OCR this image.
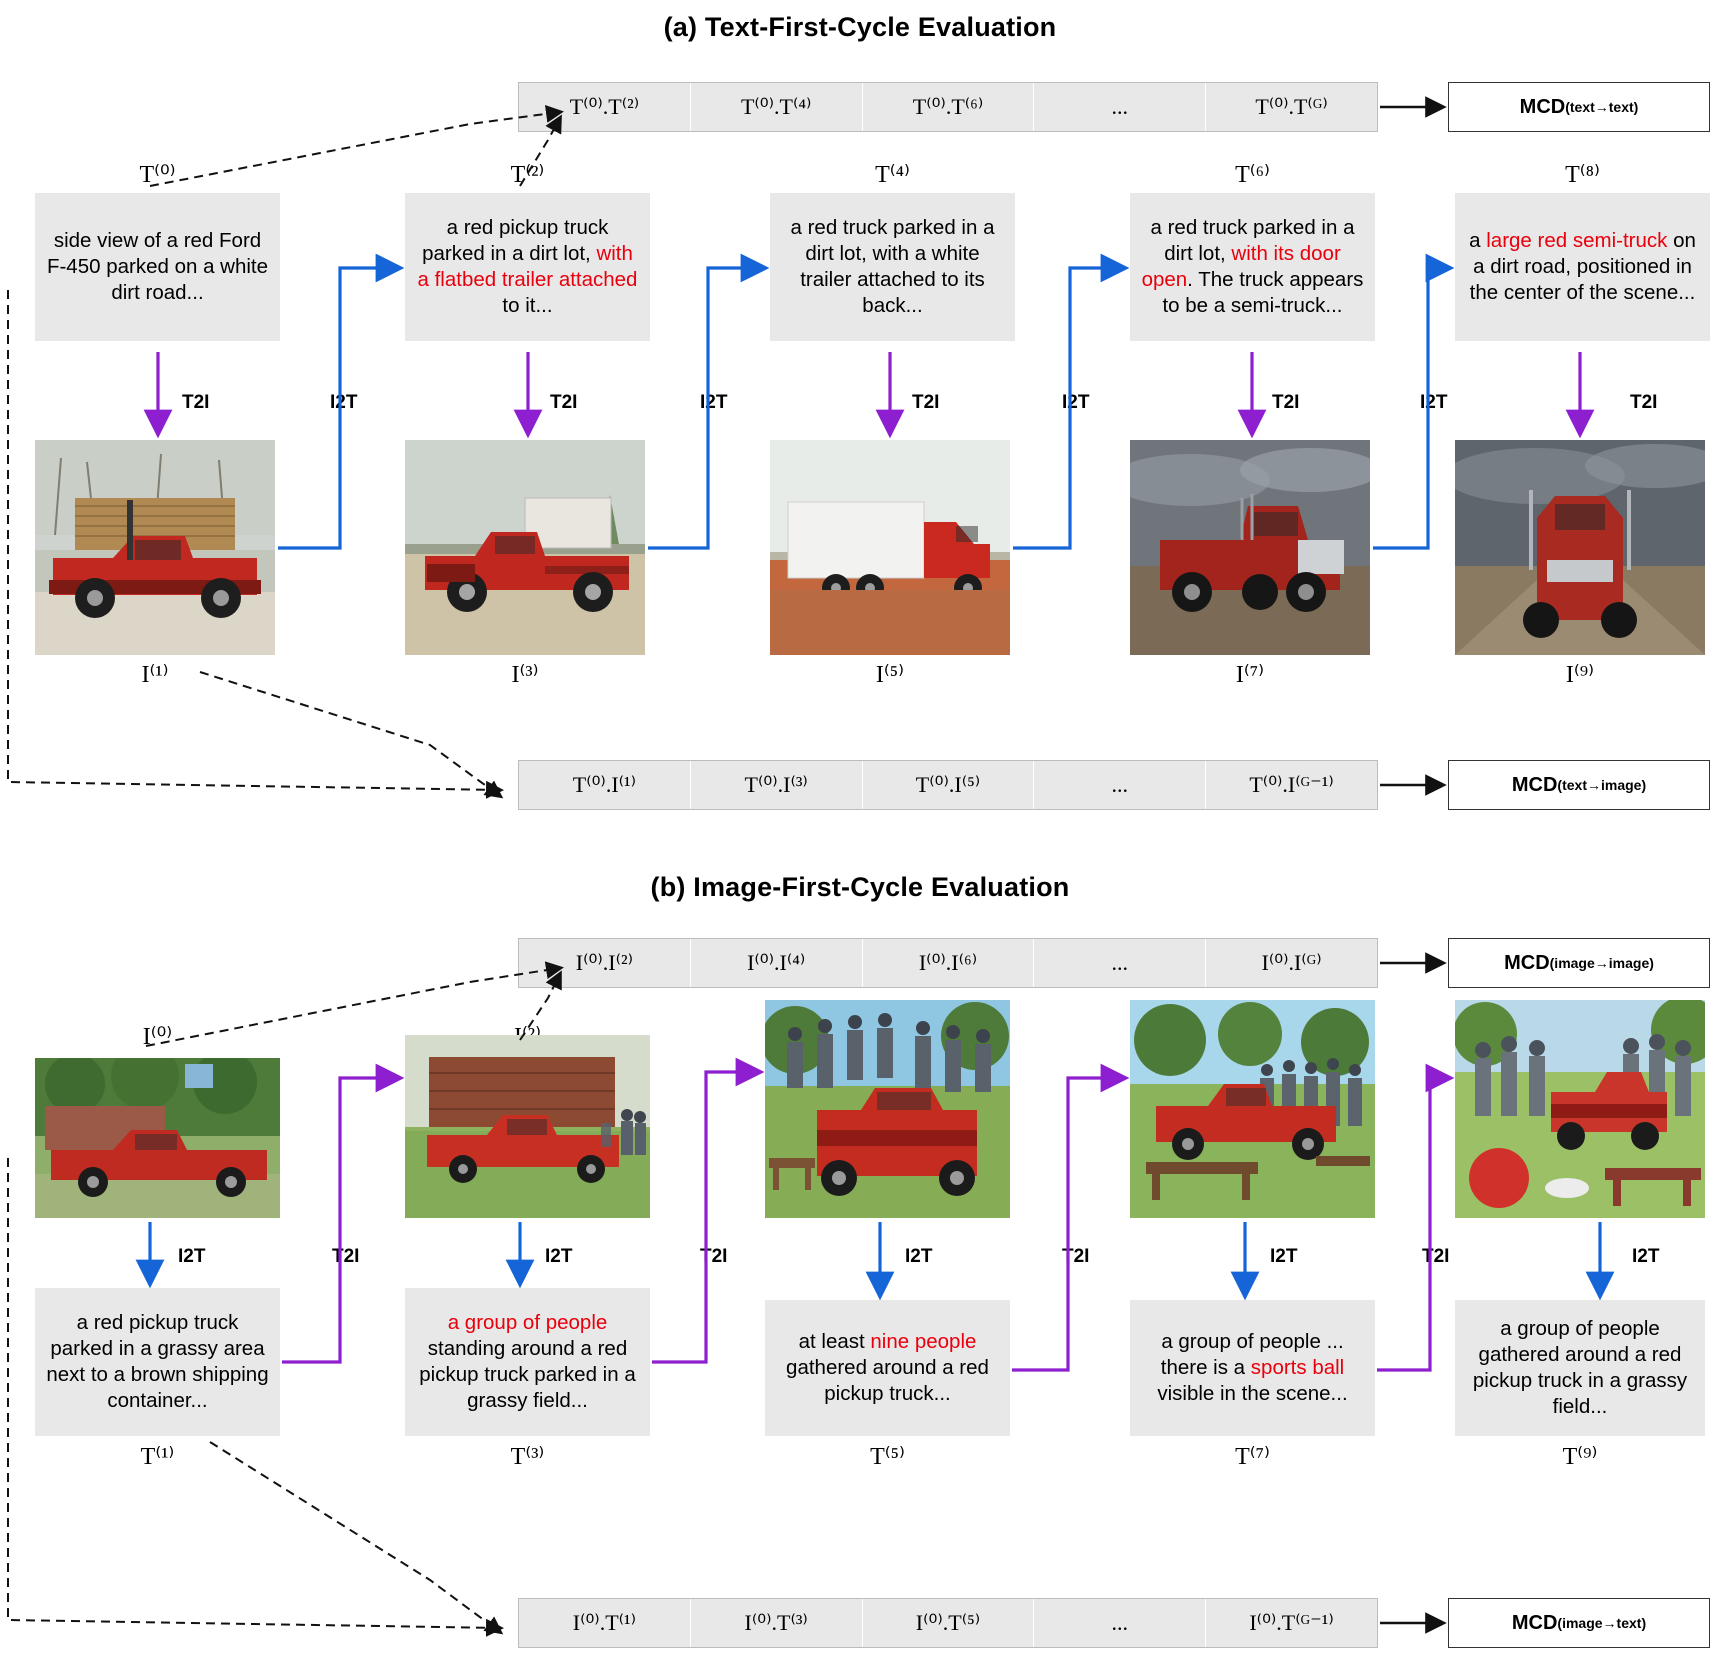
(a) Text-First-Cycle Evaluation
T⁽⁰⁾.T⁽²⁾	T⁽⁰⁾.T⁽⁴⁾	T⁽⁰⁾.T⁽⁶⁾	...	T⁽⁰⁾.T⁽ᴳ⁾	MCD (text→text)
T⁽⁰⁾	T⁽²⁾	T⁽⁴⁾	T⁽⁶⁾	T⁽⁸⁾
side view of a red Ford F-450 parked on a white dirt road...
a red pickup truck parked in a dirt lot, with a flatbed trailer attached to it...
a red truck parked in a dirt lot, with a white trailer attached to its back...
a red truck parked in a dirt lot, with its door open. The truck appears to be a semi-truck...
a large red semi-truck on a dirt road, positioned in the center of the scene...
T2I	I2T	T2I	I2T	T2I	I2T	T2I	I2T	T2I
I⁽¹⁾	I⁽³⁾	I⁽⁵⁾	I⁽⁷⁾	I⁽⁹⁾
T⁽⁰⁾.I⁽¹⁾	T⁽⁰⁾.I⁽³⁾	T⁽⁰⁾.I⁽⁵⁾	...	T⁽⁰⁾.I⁽ᴳ⁻¹⁾	MCD (text→image)
(b) Image-First-Cycle Evaluation
I⁽⁰⁾.I⁽²⁾	I⁽⁰⁾.I⁽⁴⁾	I⁽⁰⁾.I⁽⁶⁾	...	I⁽⁰⁾.I⁽ᴳ⁾	MCD (image→image)
I⁽⁰⁾
I2T	T2I	I2T	T2I	I2T	T2I	I2T	T2I	I2T
a red pickup truck parked in a grassy area next to a brown shipping container...
a group of people standing around a red pickup truck parked in a grassy field...
at least nine people gathered around a red pickup truck...
a group of people ... there is a sports ball visible in the scene...
a group of people gathered around a red pickup truck in a grassy field...
T⁽¹⁾	T⁽³⁾	T⁽⁵⁾	T⁽⁷⁾	T⁽⁹⁾
I⁽⁰⁾.T⁽¹⁾	I⁽⁰⁾.T⁽³⁾	I⁽⁰⁾.T⁽⁵⁾	...	I⁽⁰⁾.T⁽ᴳ⁻¹⁾	MCD (image→text)
